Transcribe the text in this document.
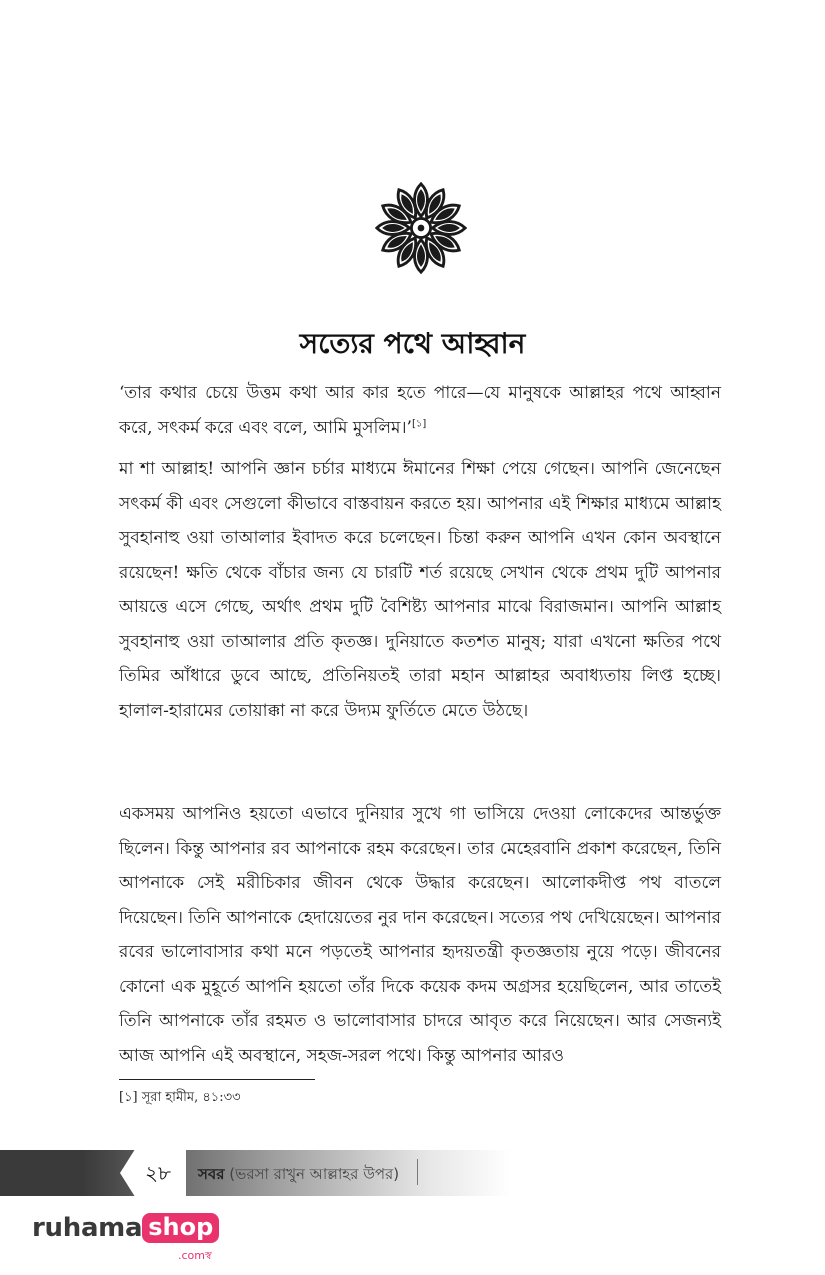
সত্যের পথে আহ্বান
‘তার কথার চেয়ে উত্তম কথা আর কার হতে পারে—যে মানুষকে আল্লাহর পথে আহ্বান করে, সৎকর্ম করে এবং বলে, আমি মুসলিম।’[১]
মা শা আল্লাহ! আপনি জ্ঞান চর্চার মাধ্যমে ঈমানের শিক্ষা পেয়ে গেছেন। আপনি জেনেছেন সৎকর্ম কী এবং সেগুলো কীভাবে বাস্তবায়ন করতে হয়। আপনার এই শিক্ষার মাধ্যমে আল্লাহ সুবহানাহু ওয়া তাআলার ইবাদত করে চলেছেন। চিন্তা করুন আপনি এখন কোন অবস্থানে রয়েছেন! ক্ষতি থেকে বাঁচার জন্য যে চারটি শর্ত রয়েছে সেখান থেকে প্রথম দুটি আপনার আয়ত্তে এসে গেছে, অর্থাৎ প্রথম দুটি বৈশিষ্ট্য আপনার মাঝে বিরাজমান। আপনি আল্লাহ সুবহানাহু ওয়া তাআলার প্রতি কৃতজ্ঞ। দুনিয়াতে কতশত মানুষ; যারা এখনো ক্ষতির পথে তিমির আঁধারে ডুবে আছে, প্রতিনিয়তই তারা মহান আল্লাহর অবাধ্যতায় লিপ্ত হচ্ছে। হালাল-হারামের তোয়াক্কা না করে উদ্যম ফুর্তিতে মেতে উঠছে।
একসময় আপনিও হয়তো এভাবে দুনিয়ার সুখে গা ভাসিয়ে দেওয়া লোকেদের আন্তর্ভুক্ত ছিলেন। কিন্তু আপনার রব আপনাকে রহম করেছেন। তার মেহেরবানি প্রকাশ করেছেন, তিনি আপনাকে সেই মরীচিকার জীবন থেকে উদ্ধার করেছেন। আলোকদীপ্ত পথ বাতলে দিয়েছেন। তিনি আপনাকে হেদায়েতের নুর দান করেছেন। সত্যের পথ দেখিয়েছেন। আপনার রবের ভালোবাসার কথা মনে পড়তেই আপনার হৃদয়তন্ত্রী কৃতজ্ঞতায় নুয়ে পড়ে। জীবনের কোনো এক মুহূর্তে আপনি হয়তো তাঁর দিকে কয়েক কদম অগ্রসর হয়েছিলেন, আর তাতেই তিনি আপনাকে তাঁর রহমত ও ভালোবাসার চাদরে আবৃত করে নিয়েছেন। আর সেজন্যই আজ আপনি এই অবস্থানে, সহজ-সরল পথে। কিন্তু আপনার আরও
[১] সূরা হামীম, ৪১:৩৩
২৮	সবর (ভরসা রাখুন আল্লাহর উপর)
ruhama shop
.comস্ব
